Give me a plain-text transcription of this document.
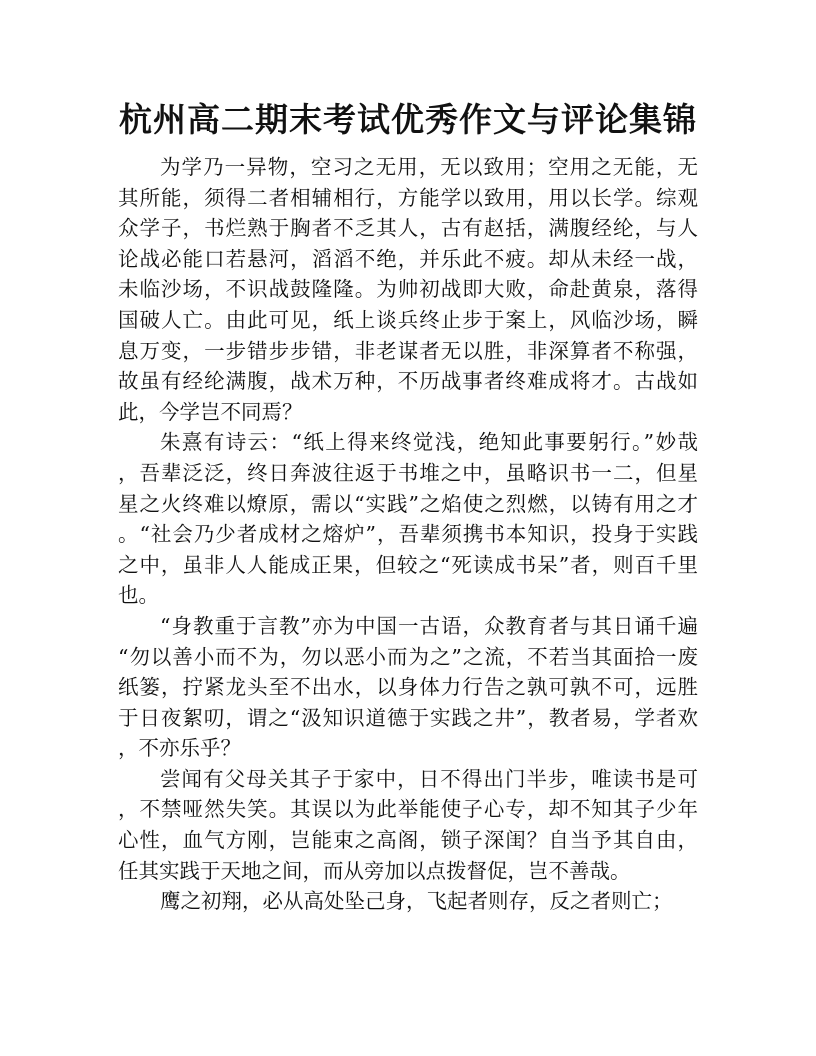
杭州高二期末考试优秀作文与评论集锦
为学乃一异物，空习之无用，无以致用；空用之无能，无
其所能，须得二者相辅相行，方能学以致用，用以长学。综观
众学子，书烂熟于胸者不乏其人，古有赵括，满腹经纶，与人
论战必能口若悬河，滔滔不绝，并乐此不疲。却从未经一战，
未临沙场，不识战鼓隆隆。为帅初战即大败，命赴黄泉，落得
国破人亡。由此可见，纸上谈兵终止步于案上，风临沙场，瞬
息万变，一步错步步错，非老谋者无以胜，非深算者不称强，
故虽有经纶满腹，战术万种，不历战事者终难成将才。古战如
此，今学岂不同焉？
朱熹有诗云：“纸上得来终觉浅，绝知此事要躬行。”妙哉
，吾辈泛泛，终日奔波往返于书堆之中，虽略识书一二，但星
星之火终难以燎原，需以“实践”之焰使之烈燃，以铸有用之才
。“社会乃少者成材之熔炉”，吾辈须携书本知识，投身于实践
之中，虽非人人能成正果，但较之“死读成书呆”者，则百千里
也。
“身教重于言教”亦为中国一古语，众教育者与其日诵千遍
“勿以善小而不为，勿以恶小而为之”之流，不若当其面拾一废
纸篓，拧紧龙头至不出水，以身体力行告之孰可孰不可，远胜
于日夜絮叨，谓之“汲知识道德于实践之井”，教者易，学者欢
，不亦乐乎？
尝闻有父母关其子于家中，日不得出门半步，唯读书是可
，不禁哑然失笑。其误以为此举能使子心专，却不知其子少年
心性，血气方刚，岂能束之高阁，锁子深闺？自当予其自由，
任其实践于天地之间，而从旁加以点拨督促，岂不善哉。
鹰之初翔，必从高处坠己身，飞起者则存，反之者则亡；
